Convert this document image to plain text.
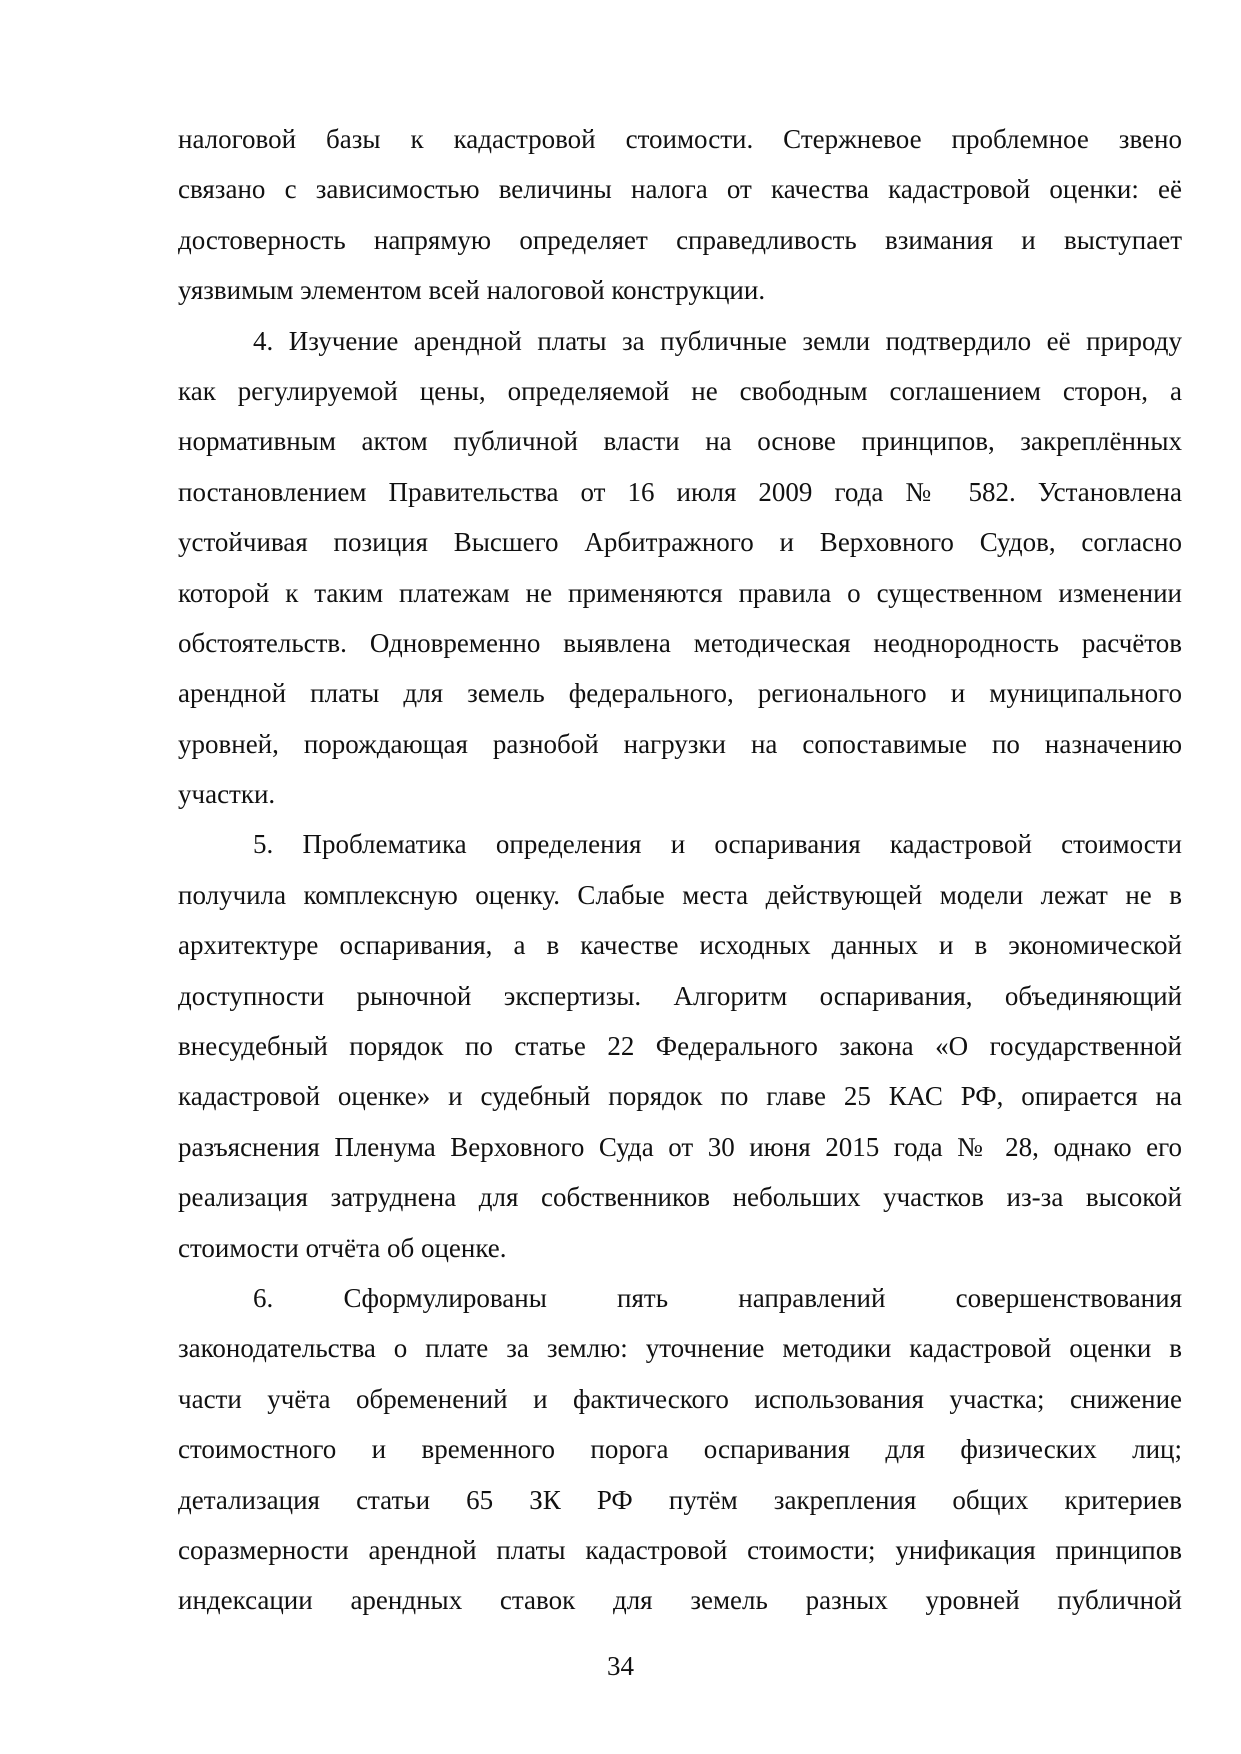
налоговой базы к кадастровой стоимости. Стержневое проблемное звено
связано с зависимостью величины налога от качества кадастровой оценки: её
достоверность напрямую определяет справедливость взимания и выступает
уязвимым элементом всей налоговой конструкции.
4. Изучение арендной платы за публичные земли подтвердило её природу
как регулируемой цены, определяемой не свободным соглашением сторон, а
нормативным актом публичной власти на основе принципов, закреплённых
постановлением Правительства от 16 июля 2009 года № 582. Установлена
устойчивая позиция Высшего Арбитражного и Верховного Судов, согласно
которой к таким платежам не применяются правила о существенном изменении
обстоятельств. Одновременно выявлена методическая неоднородность расчётов
арендной платы для земель федерального, регионального и муниципального
уровней, порождающая разнобой нагрузки на сопоставимые по назначению
участки.
5. Проблематика определения и оспаривания кадастровой стоимости
получила комплексную оценку. Слабые места действующей модели лежат не в
архитектуре оспаривания, а в качестве исходных данных и в экономической
доступности рыночной экспертизы. Алгоритм оспаривания, объединяющий
внесудебный порядок по статье 22 Федерального закона «О государственной
кадастровой оценке» и судебный порядок по главе 25 КАС РФ, опирается на
разъяснения Пленума Верховного Суда от 30 июня 2015 года № 28, однако его
реализация затруднена для собственников небольших участков из-за высокой
стоимости отчёта об оценке.
6. Сформулированы пять направлений совершенствования
законодательства о плате за землю: уточнение методики кадастровой оценки в
части учёта обременений и фактического использования участка; снижение
стоимостного и временного порога оспаривания для физических лиц;
детализация статьи 65 ЗК РФ путём закрепления общих критериев
соразмерности арендной платы кадастровой стоимости; унификация принципов
индексации арендных ставок для земель разных уровней публичной
34
